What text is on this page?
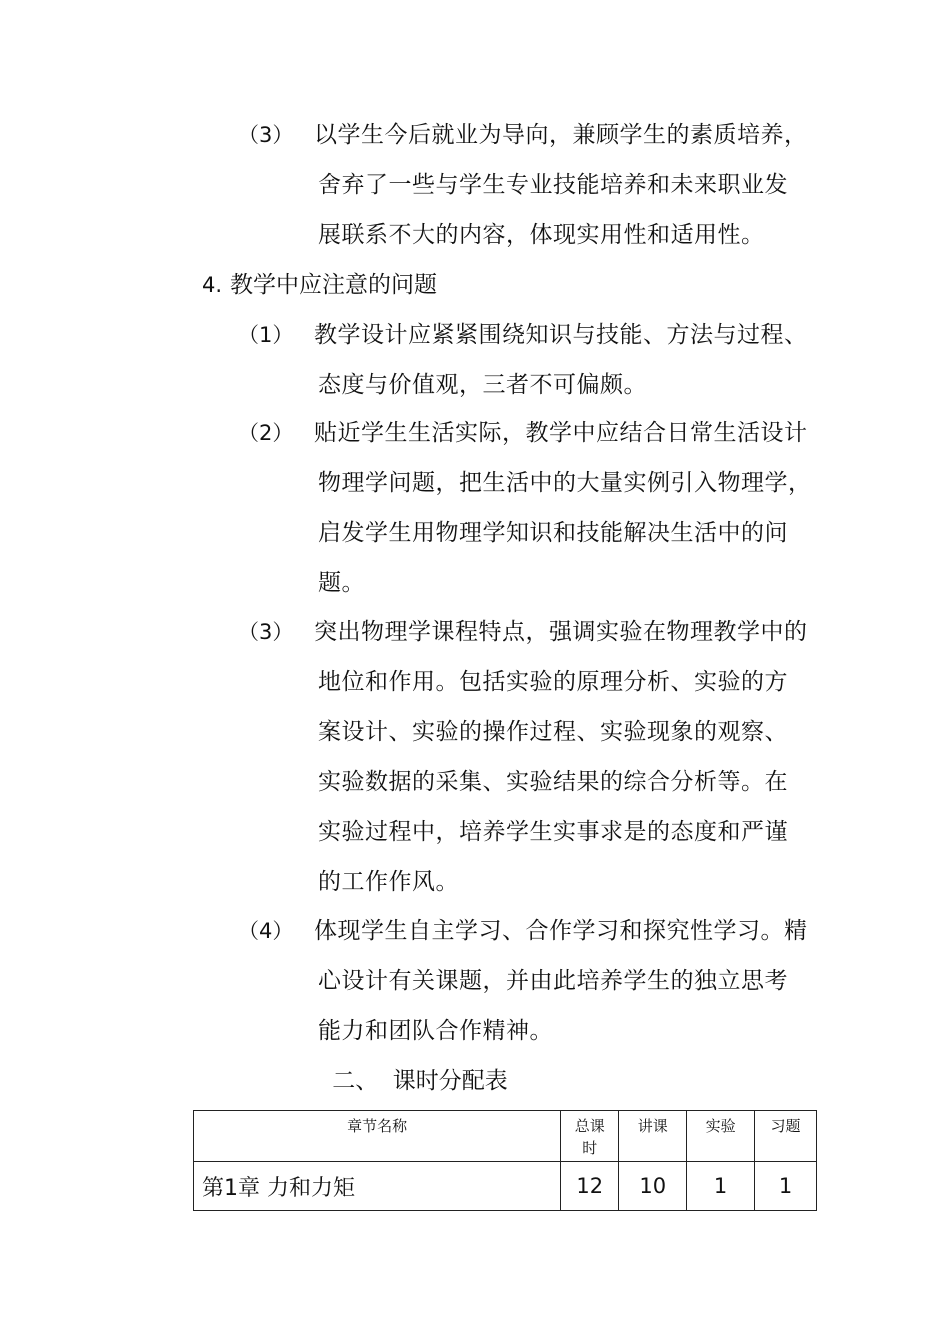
（3） 以学生今后就业为导向，兼顾学生的素质培养，
舍弃了一些与学生专业技能培养和未来职业发
展联系不大的内容，体现实用性和适用性。
4. 教学中应注意的问题
（1） 教学设计应紧紧围绕知识与技能、方法与过程、
态度与价值观，三者不可偏颇。
（2） 贴近学生生活实际，教学中应结合日常生活设计
物理学问题，把生活中的大量实例引入物理学，
启发学生用物理学知识和技能解决生活中的问
题。
（3） 突出物理学课程特点，强调实验在物理教学中的
地位和作用。包括实验的原理分析、实验的方
案设计、实验的操作过程、实验现象的观察、
实验数据的采集、实验结果的综合分析等。在
实验过程中，培养学生实事求是的态度和严谨
的工作作风。
（4） 体现学生自主学习、合作学习和探究性学习。精
心设计有关课题，并由此培养学生的独立思考
能力和团队合作精神。
二、  课时分配表
章节名称	总课时	讲课	实验	习题
第1章 力和力矩	12	10	1	1
